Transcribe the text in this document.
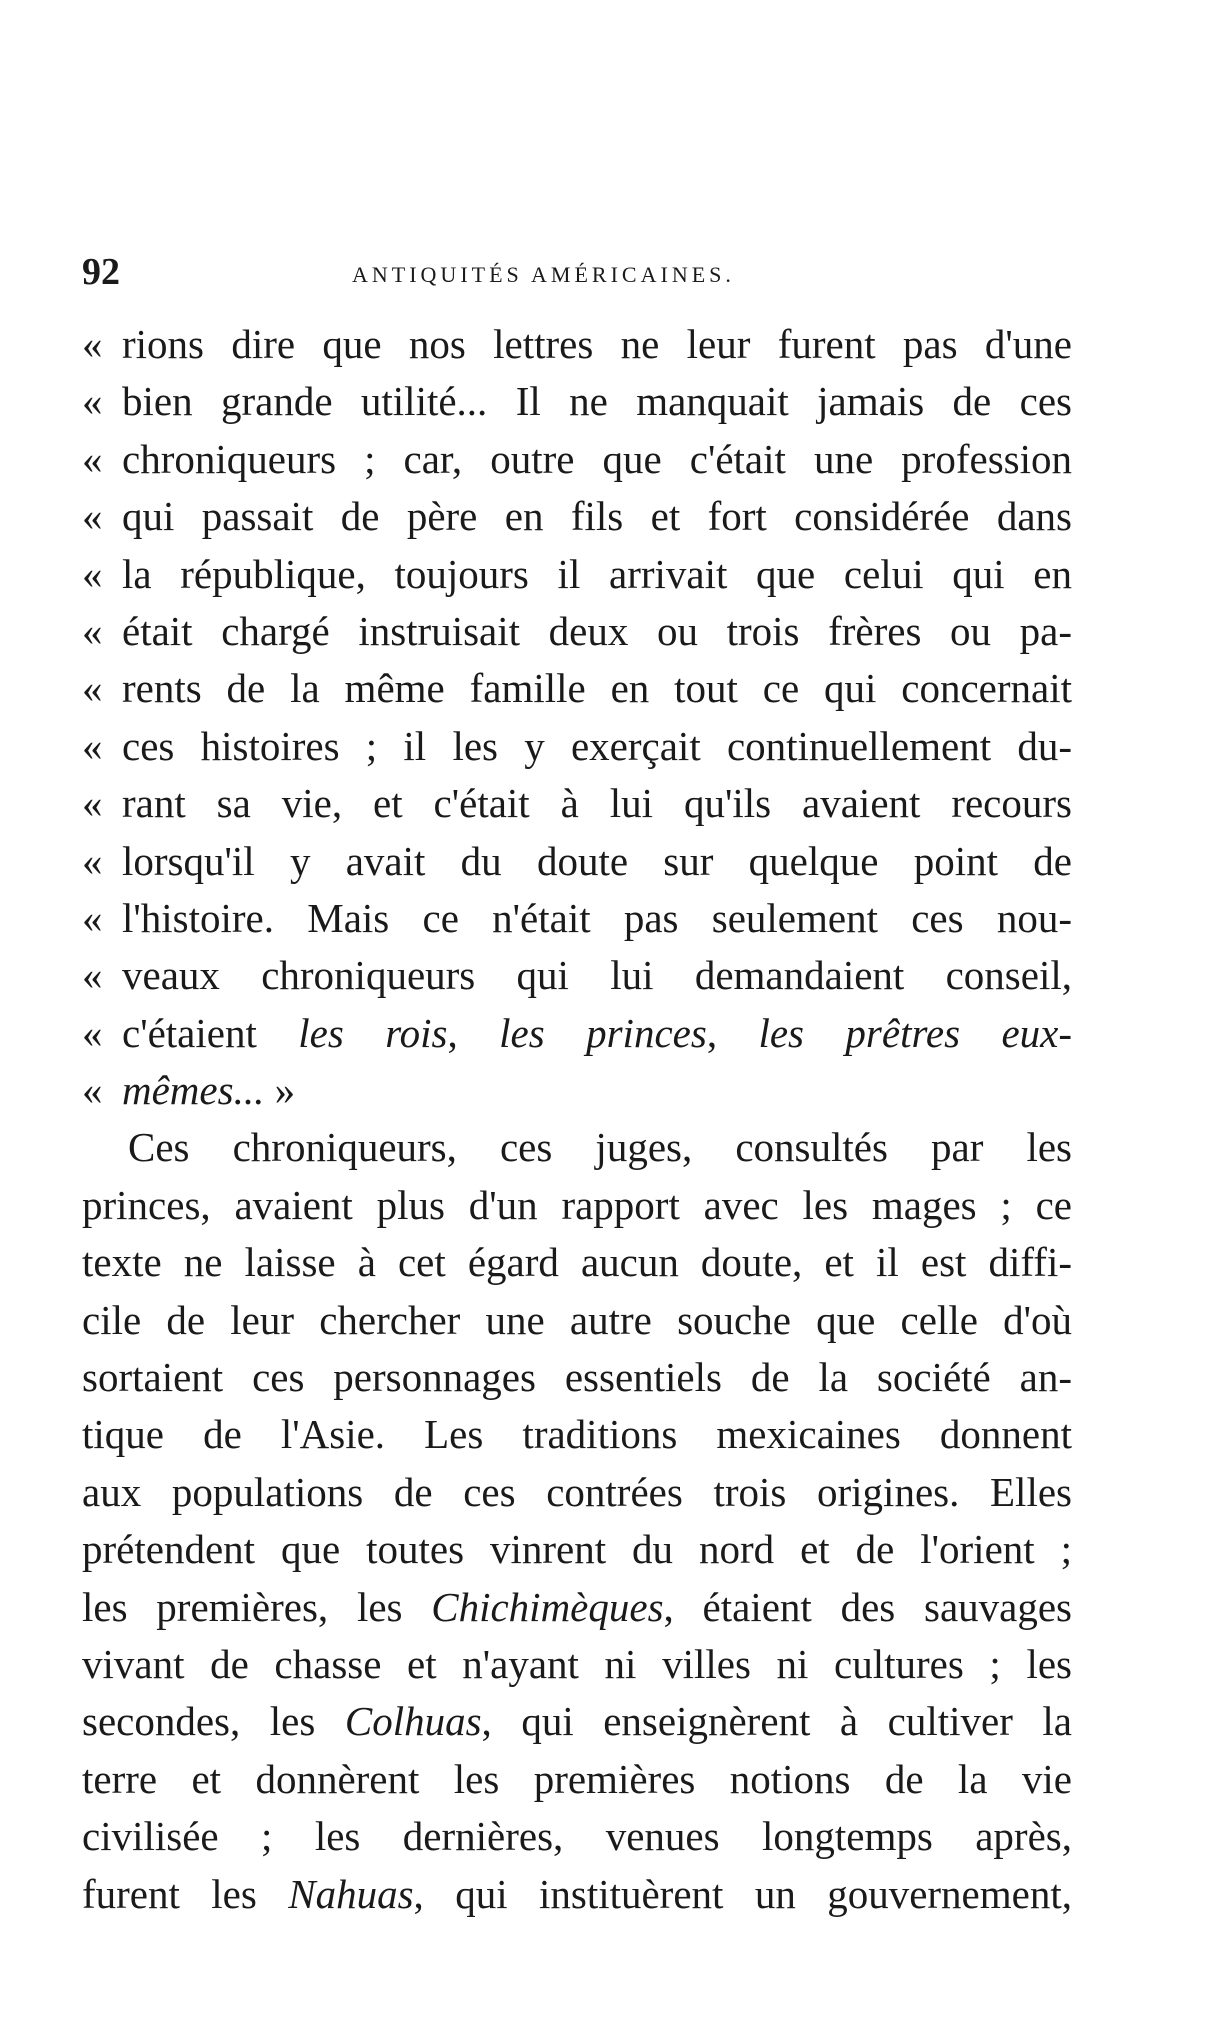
92	ANTIQUITÉS AMÉRICAINES.
« rions dire que nos lettres ne leur furent pas d'une
« bien grande utilité... Il ne manquait jamais de ces
« chroniqueurs ; car, outre que c'était une profession
« qui passait de père en fils et fort considérée dans
« la république, toujours il arrivait que celui qui en
« était chargé instruisait deux ou trois frères ou pa-
« rents de la même famille en tout ce qui concernait
« ces histoires ; il les y exerçait continuellement du-
« rant sa vie, et c'était à lui qu'ils avaient recours
« lorsqu'il y avait du doute sur quelque point de
« l'histoire. Mais ce n'était pas seulement ces nou-
« veaux chroniqueurs qui lui demandaient conseil,
« c'étaient les rois, les princes, les prêtres eux-
« mêmes... »
Ces chroniqueurs, ces juges, consultés par les
princes, avaient plus d'un rapport avec les mages ; ce
texte ne laisse à cet égard aucun doute, et il est diffi-
cile de leur chercher une autre souche que celle d'où
sortaient ces personnages essentiels de la société an-
tique de l'Asie. Les traditions mexicaines donnent
aux populations de ces contrées trois origines. Elles
prétendent que toutes vinrent du nord et de l'orient ;
les premières, les Chichimèques, étaient des sauvages
vivant de chasse et n'ayant ni villes ni cultures ; les
secondes, les Colhuas, qui enseignèrent à cultiver la
terre et donnèrent les premières notions de la vie
civilisée ; les dernières, venues longtemps après,
furent les Nahuas, qui instituèrent un gouvernement,
